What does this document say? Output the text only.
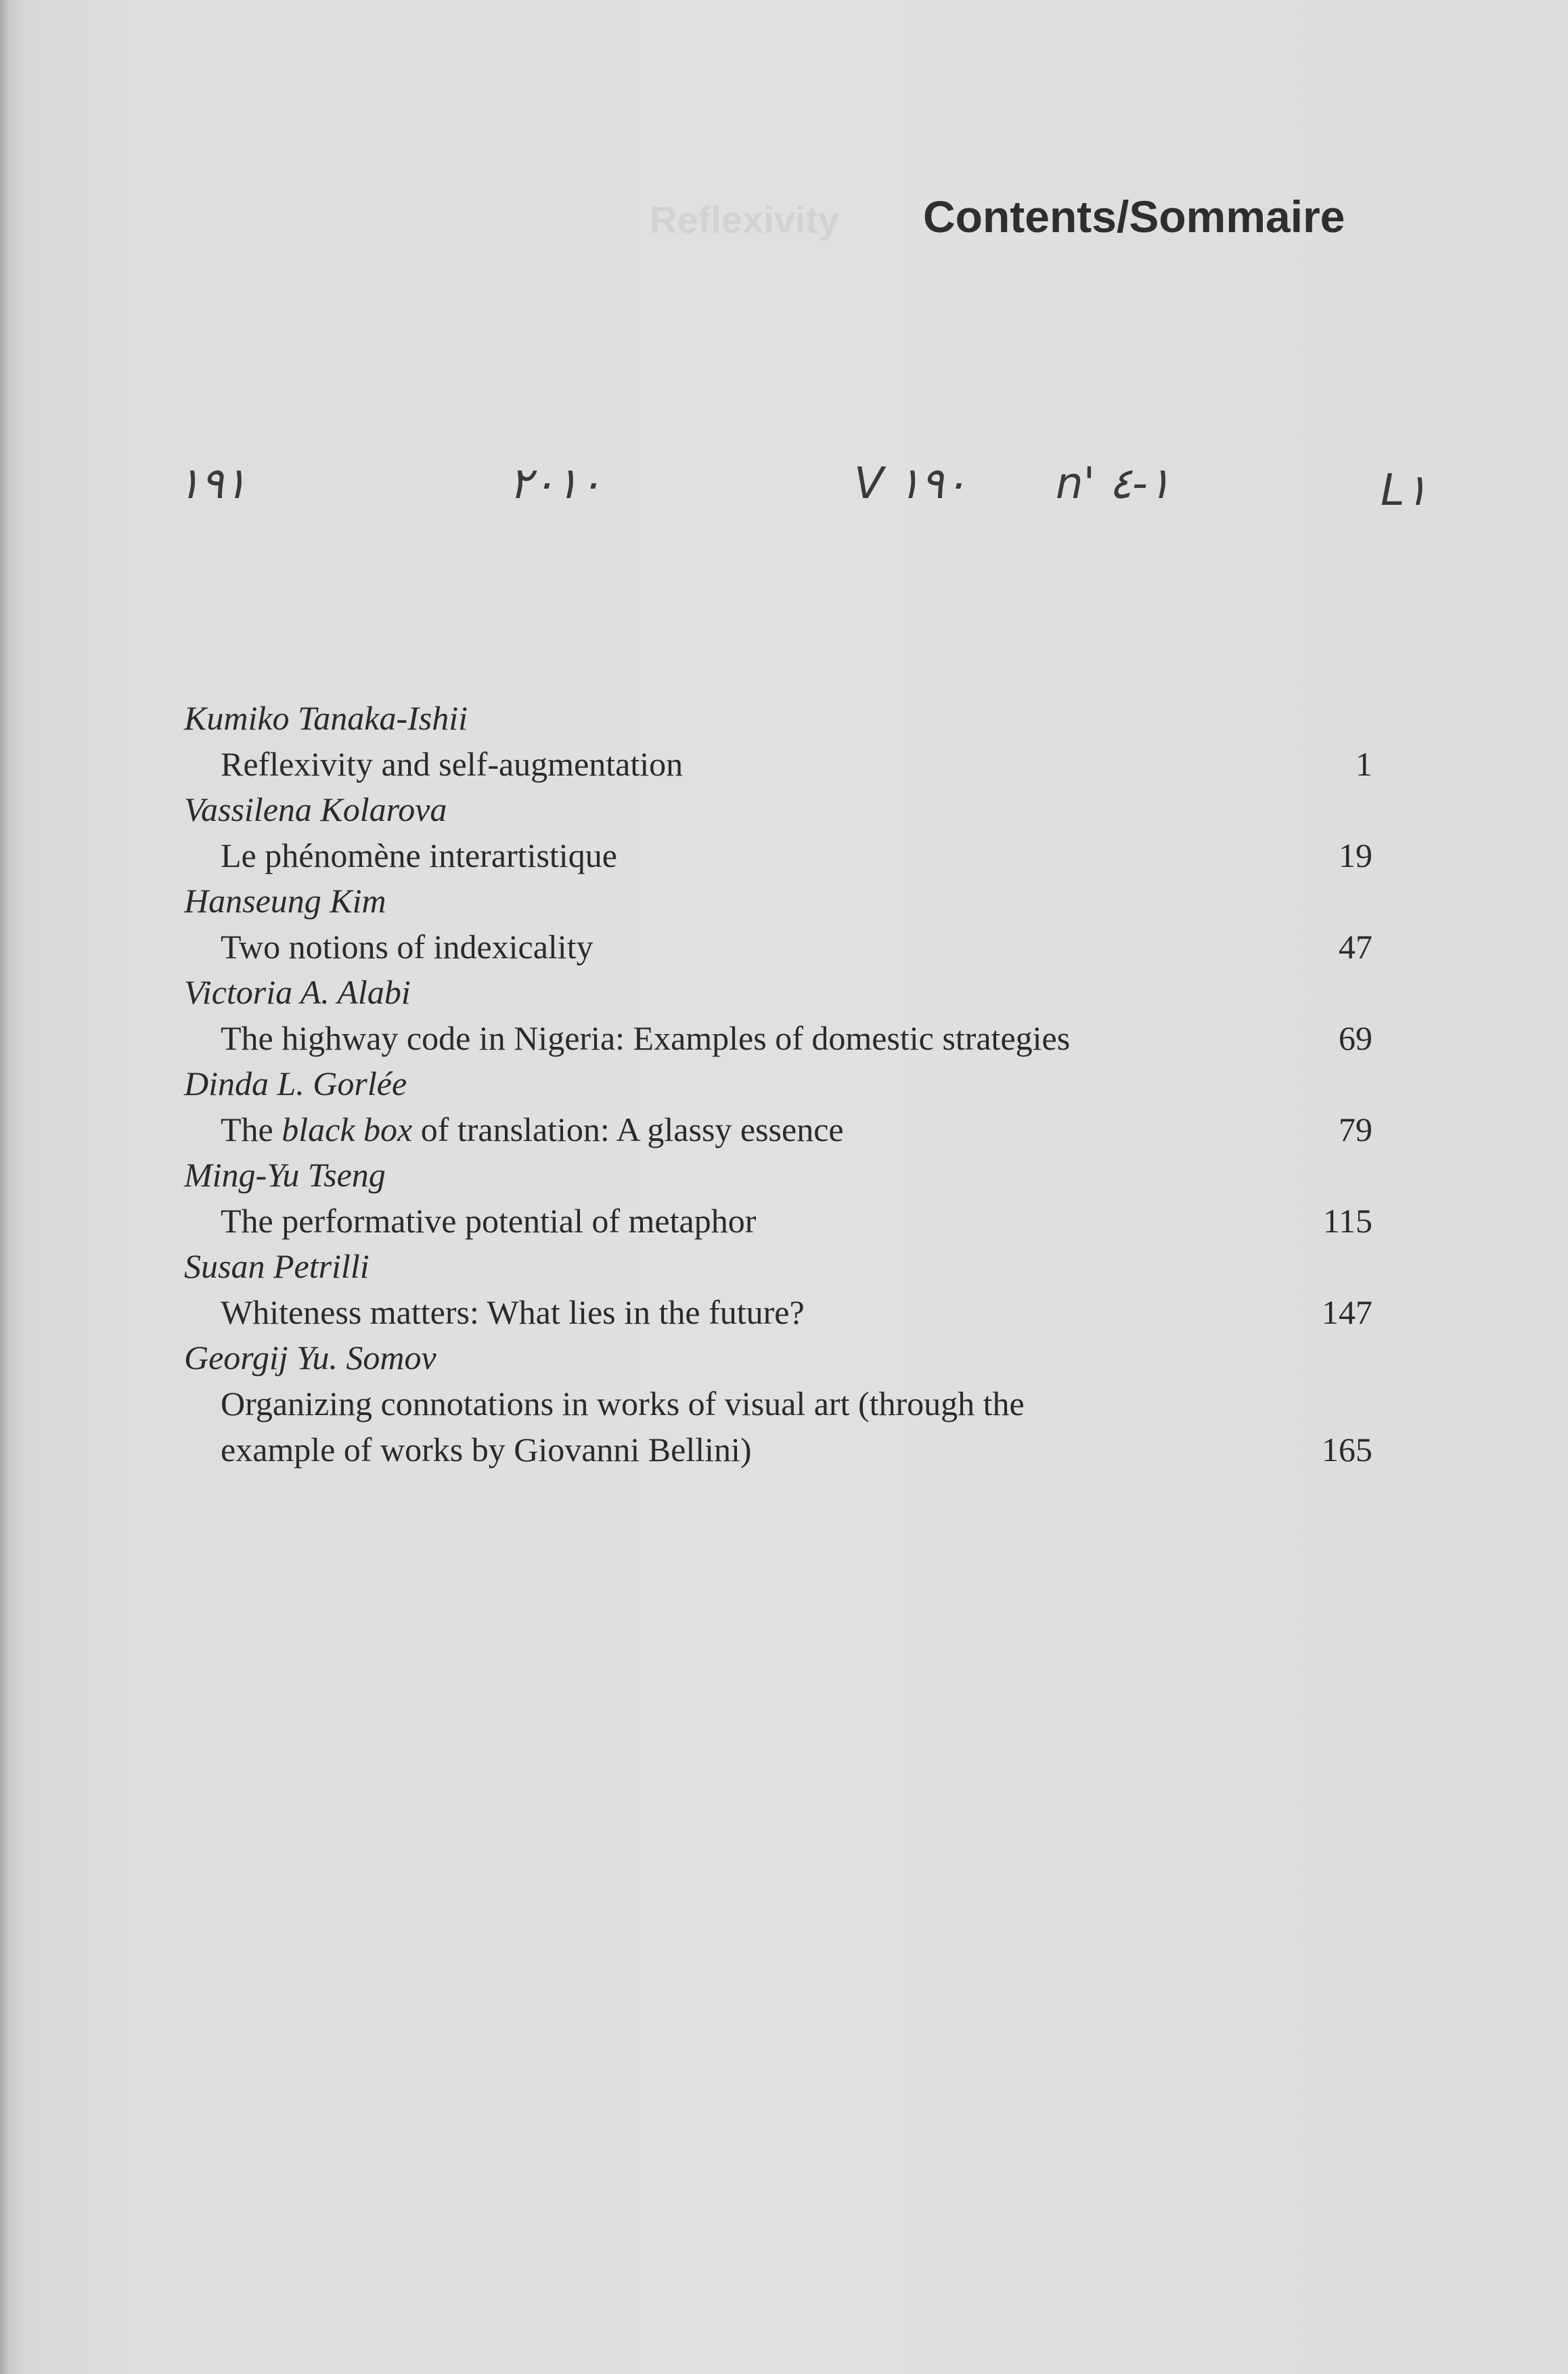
Reflexivity Contents/Sommaire
١٩١	٢٠١٠	V ١٩٠ n' ١-٤	L١
Kumiko Tanaka-Ishii
Reflexivity and self-augmentation	1
Vassilena Kolarova
Le phénomène interartistique	19
Hanseung Kim
Two notions of indexicality	47
Victoria A. Alabi
The highway code in Nigeria: Examples of domestic strategies	69
Dinda L. Gorlée
The black box of translation: A glassy essence	79
Ming-Yu Tseng
The performative potential of metaphor	115
Susan Petrilli
Whiteness matters: What lies in the future?	147
Georgij Yu. Somov
Organizing connotations in works of visual art (through the
example of works by Giovanni Bellini)	165
